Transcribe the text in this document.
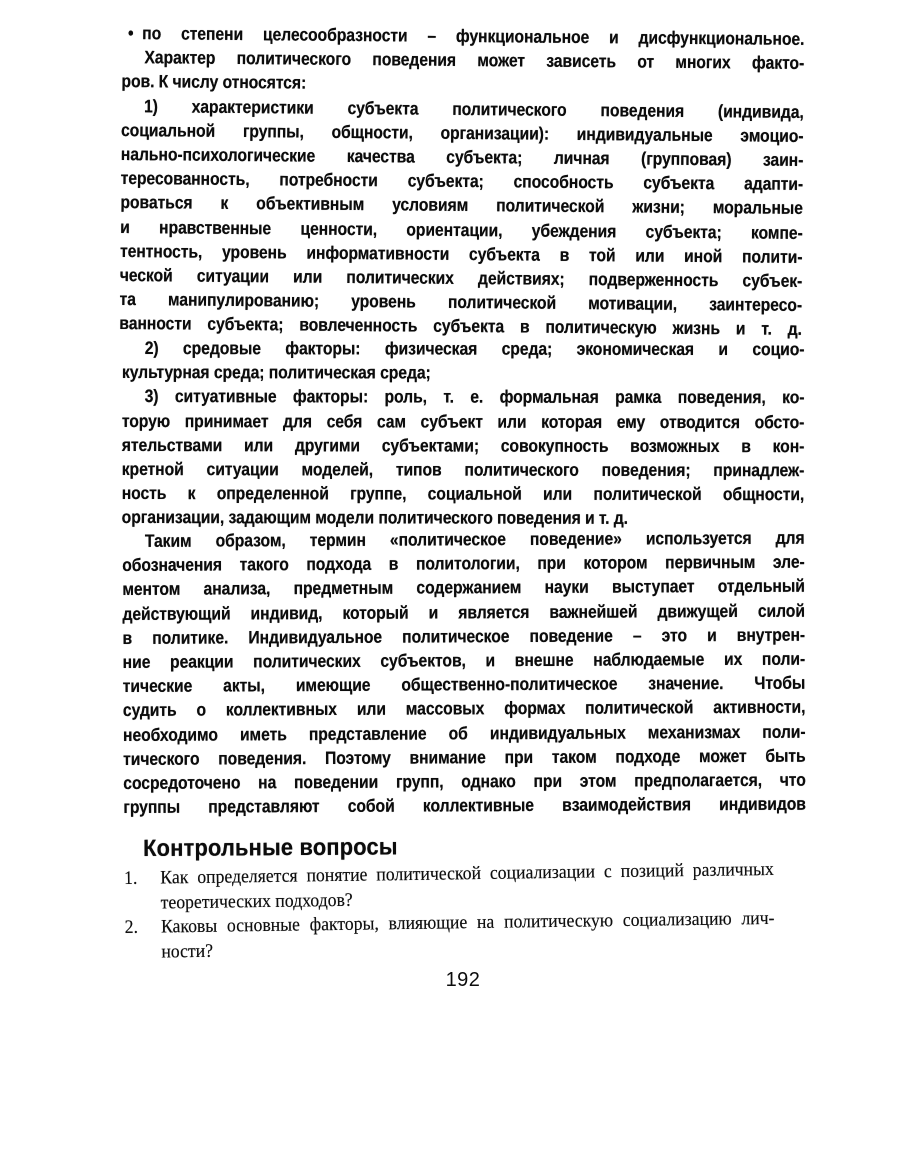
• по степени целесообразности – функциональное и дисфункциональное.
Характер политического поведения может зависеть от многих факто-
ров. К числу относятся:
1) характеристики субъекта политического поведения (индивида,
социальной группы, общности, организации): индивидуальные эмоцио-
нально-психологические качества субъекта; личная (групповая) заин-
тересованность, потребности субъекта; способность субъекта адапти-
роваться к объективным условиям политической жизни; моральные
и нравственные ценности, ориентации, убеждения субъекта; компе-
тентность, уровень информативности субъекта в той или иной полити-
ческой ситуации или политических действиях; подверженность субъек-
та манипулированию; уровень политической мотивации, заинтересо-
ванности субъекта; вовлеченность субъекта в политическую жизнь и т. д.
2) средовые факторы: физическая среда; экономическая и социо-
культурная среда; политическая среда;
3) ситуативные факторы: роль, т. е. формальная рамка поведения, ко-
торую принимает для себя сам субъект или которая ему отводится обсто-
ятельствами или другими субъектами; совокупность возможных в кон-
кретной ситуации моделей, типов политического поведения; принадлеж-
ность к определенной группе, социальной или политической общности,
организации, задающим модели политического поведения и т. д.
Таким образом, термин «политическое поведение» используется для
обозначения такого подхода в политологии, при котором первичным эле-
ментом анализа, предметным содержанием науки выступает отдельный
действующий индивид, который и является важнейшей движущей силой
в политике. Индивидуальное политическое поведение – это и внутрен-
ние реакции политических субъектов, и внешне наблюдаемые их поли-
тические акты, имеющие общественно-политическое значение. Чтобы
судить о коллективных или массовых формах политической активности,
необходимо иметь представление об индивидуальных механизмах поли-
тического поведения. Поэтому внимание при таком подходе может быть
сосредоточено на поведении групп, однако при этом предполагается, что
группы представляют собой коллективные взаимодействия индивидов
Контрольные вопросы
1. Как определяется понятие политической социализации с позиций различных
теоретических подходов?
2. Каковы основные факторы, влияющие на политическую социализацию лич-
ности?
192
